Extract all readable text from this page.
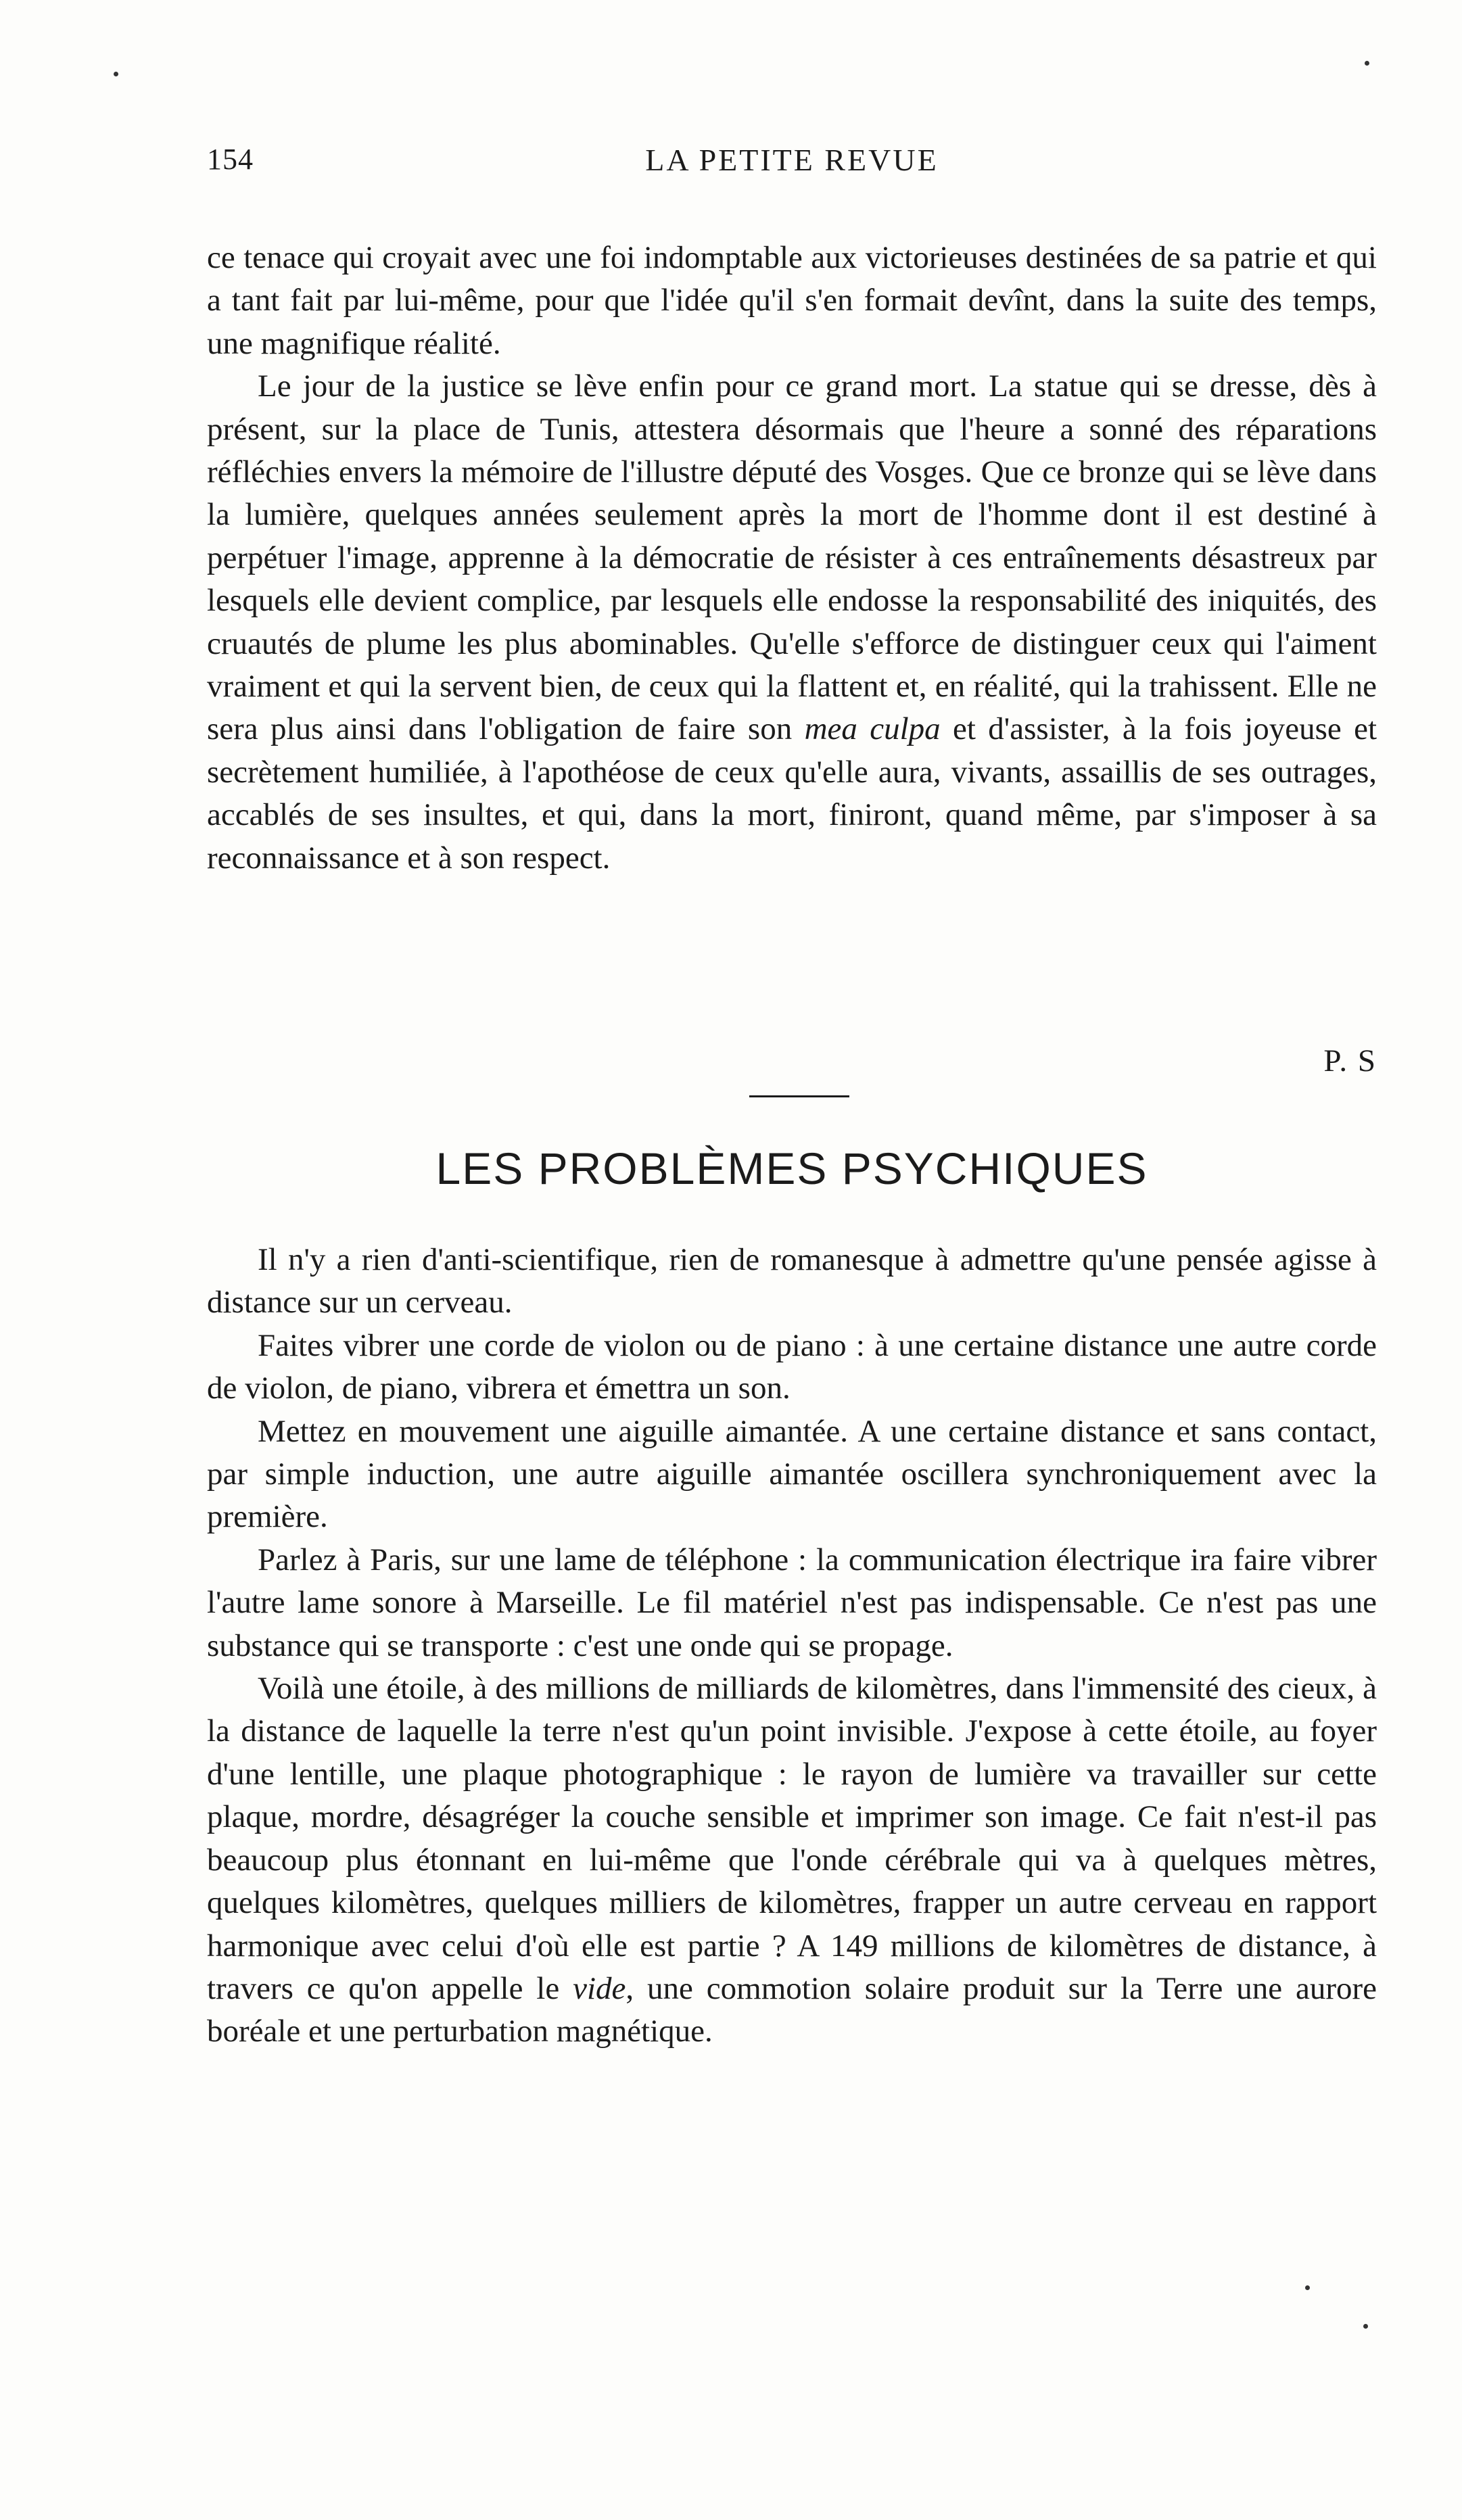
154	LA PETITE REVUE

ce tenace qui croyait avec une foi indomptable aux victorieuses destinées de sa patrie et qui a tant fait par lui-même, pour que l'idée qu'il s'en formait devînt, dans la suite des temps, une magnifique réalité.

Le jour de la justice se lève enfin pour ce grand mort. La statue qui se dresse, dès à présent, sur la place de Tunis, attestera désormais que l'heure a sonné des réparations réfléchies envers la mémoire de l'illustre député des Vosges. Que ce bronze qui se lève dans la lumière, quelques années seulement après la mort de l'homme dont il est destiné à perpétuer l'image, apprenne à la démocratie de résister à ces entraînements désastreux par lesquels elle devient complice, par lesquels elle endosse la responsabilité des iniquités, des cruautés de plume les plus abominables. Qu'elle s'efforce de distinguer ceux qui l'aiment vraiment et qui la servent bien, de ceux qui la flattent et, en réalité, qui la trahissent. Elle ne sera plus ainsi dans l'obligation de faire son mea culpa et d'assister, à la fois joyeuse et secrètement humiliée, à l'apothéose de ceux qu'elle aura, vivants, assaillis de ses outrages, accablés de ses insultes, et qui, dans la mort, finiront, quand même, par s'imposer à sa reconnaissance et à son respect.

P. S
LES PROBLÈMES PSYCHIQUES

Il n'y a rien d'anti-scientifique, rien de romanesque à admettre qu'une pensée agisse à distance sur un cerveau.

Faites vibrer une corde de violon ou de piano : à une certaine distance une autre corde de violon, de piano, vibrera et émettra un son.

Mettez en mouvement une aiguille aimantée. A une certaine distance et sans contact, par simple induction, une autre aiguille aimantée oscillera synchroniquement avec la première.

Parlez à Paris, sur une lame de téléphone : la communication électrique ira faire vibrer l'autre lame sonore à Marseille. Le fil matériel n'est pas indispensable. Ce n'est pas une substance qui se transporte : c'est une onde qui se propage.

Voilà une étoile, à des millions de milliards de kilomètres, dans l'immensité des cieux, à la distance de laquelle la terre n'est qu'un point invisible. J'expose à cette étoile, au foyer d'une lentille, une plaque photographique : le rayon de lumière va travailler sur cette plaque, mordre, désagréger la couche sensible et imprimer son image. Ce fait n'est-il pas beaucoup plus étonnant en lui-même que l'onde cérébrale qui va à quelques mètres, quelques kilomètres, quelques milliers de kilomètres, frapper un autre cerveau en rapport harmonique avec celui d'où elle est partie ? A 149 millions de kilomètres de distance, à travers ce qu'on appelle le vide, une commotion solaire produit sur la Terre une aurore boréale et une perturbation magnétique.
